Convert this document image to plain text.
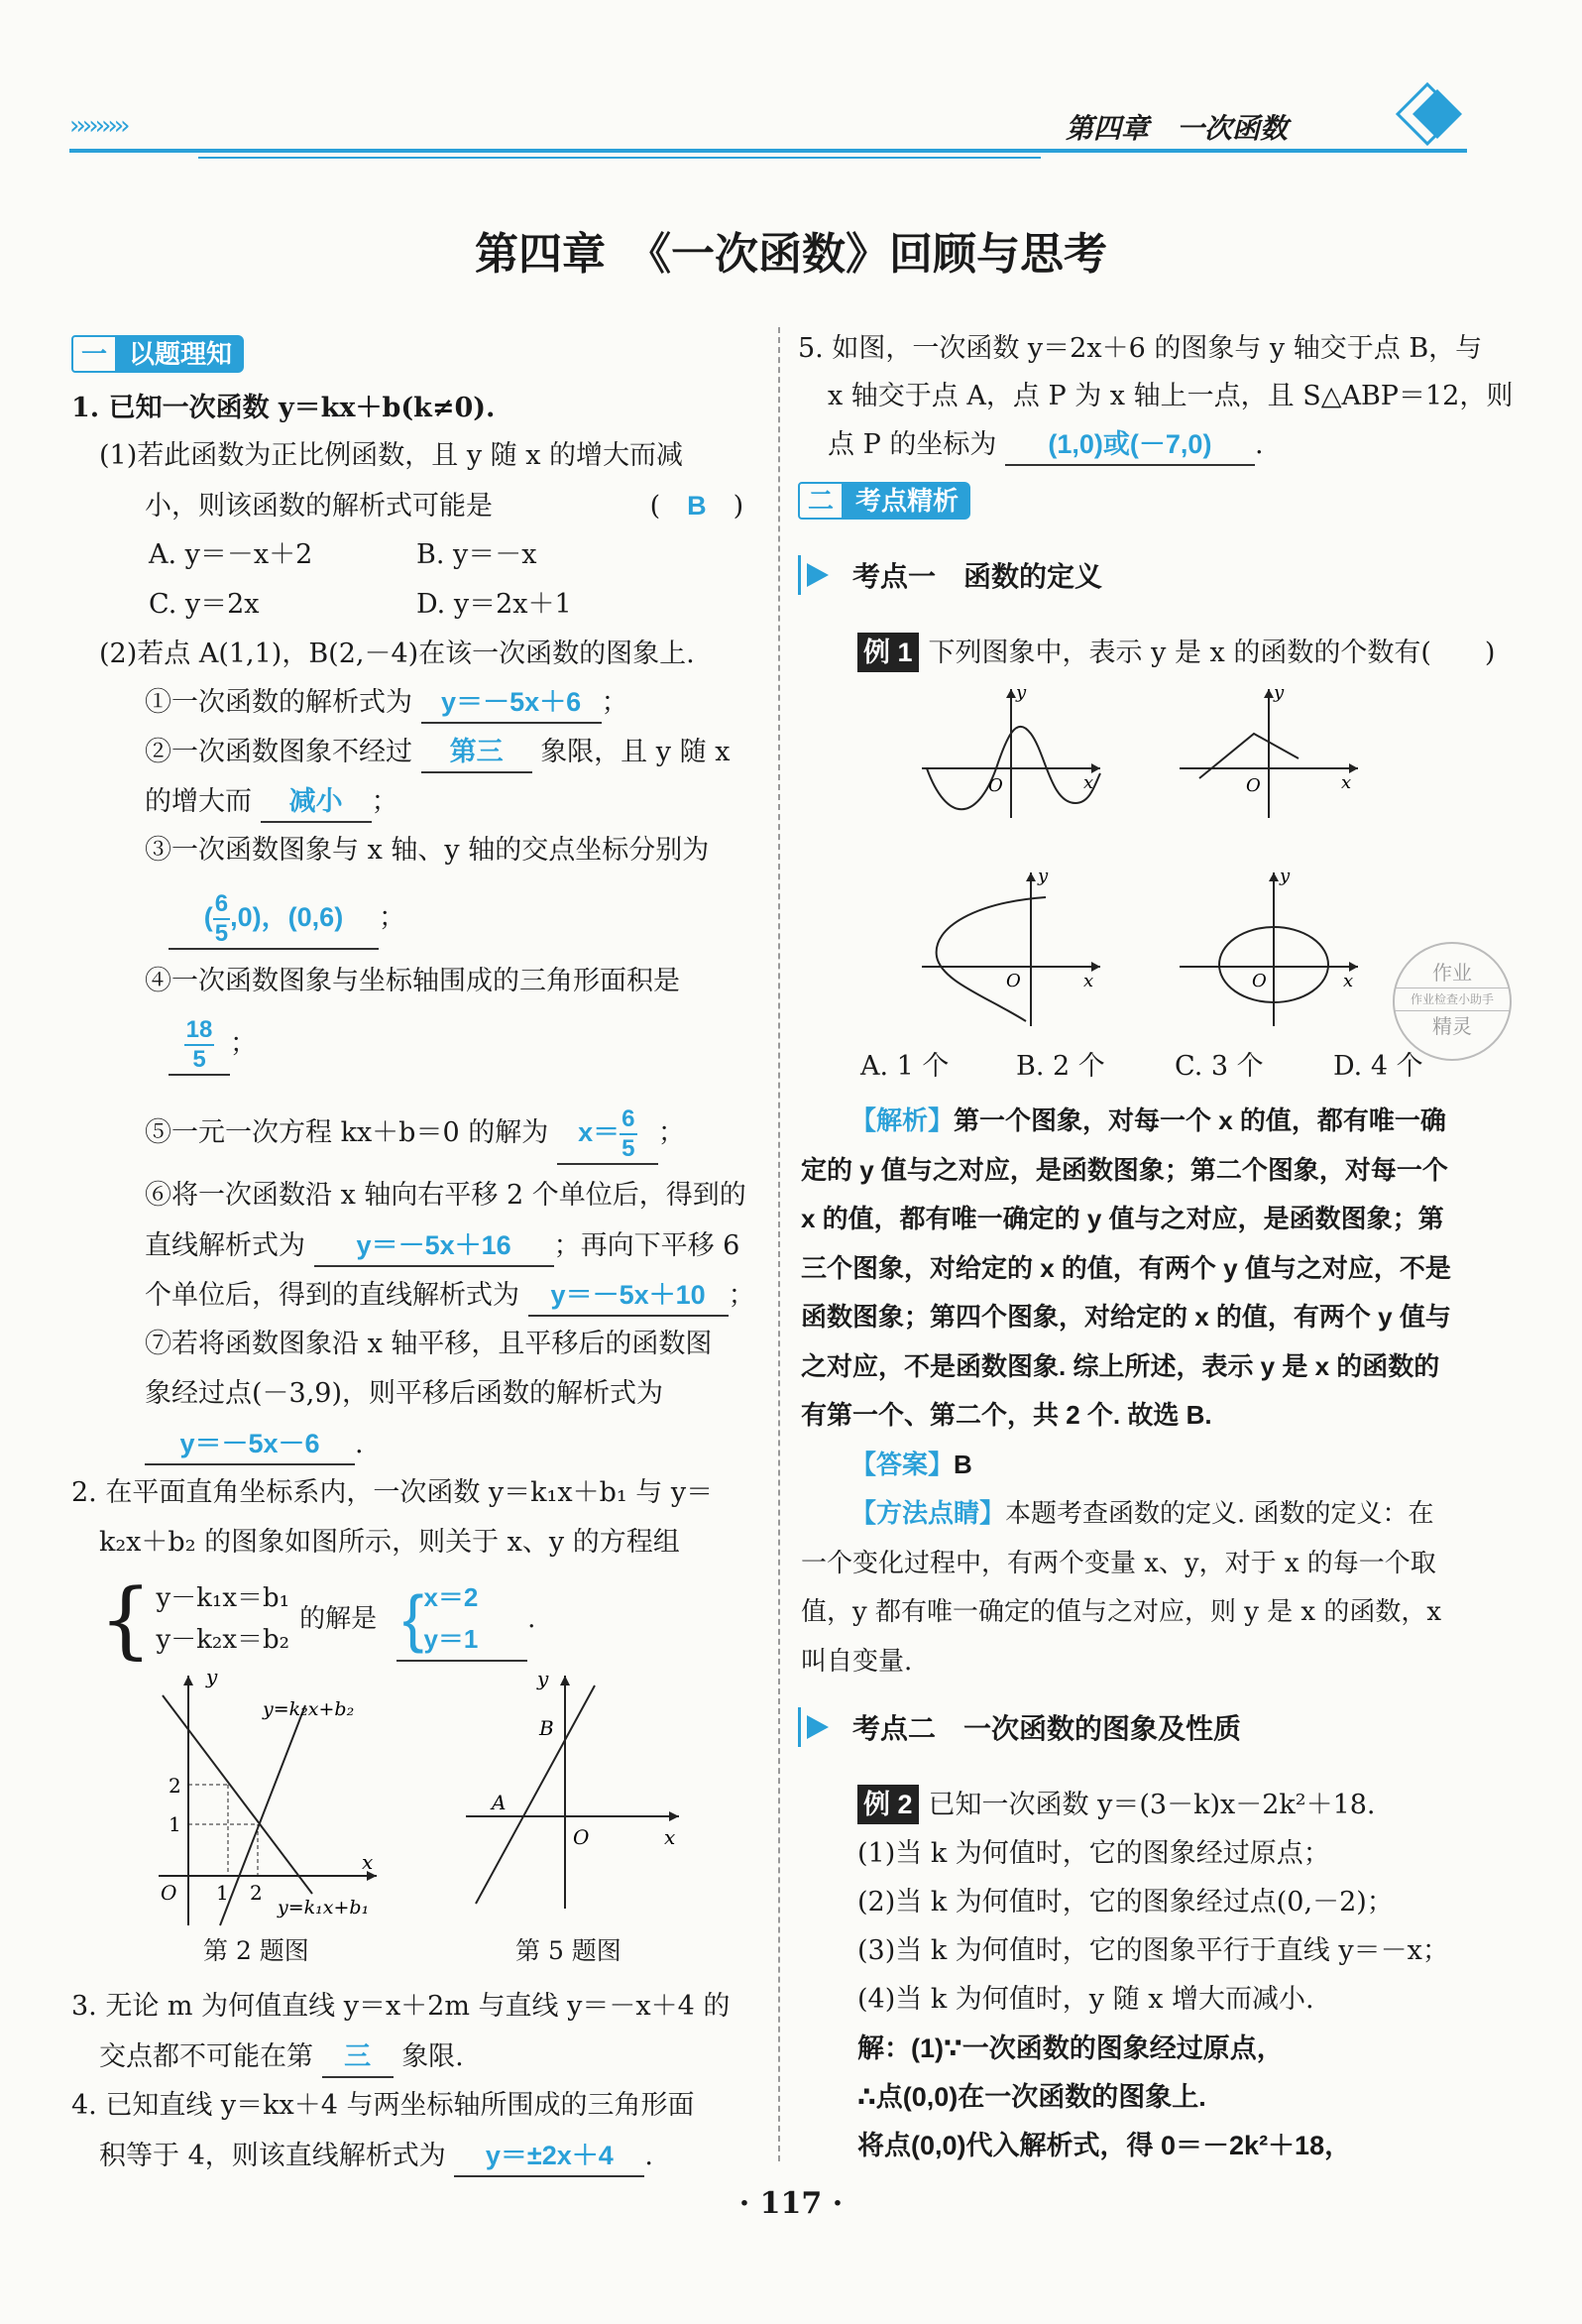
›››››››››	第四章　一次函数
第四章　《一次函数》回顾与思考
一 以题理知
1. 已知一次函数 y＝kx＋b(k≠0).
(1)若此函数为正比例函数，且 y 随 x 的增大而减
小，则该函数的解析式可能是	(　B　)
A. y＝－x＋2	B. y＝－x
C. y＝2x	D. y＝2x＋1
(2)若点 A(1,1)，B(2,－4)在该一次函数的图象上.
①一次函数的解析式为 y＝－5x＋6 ；
②一次函数图象不经过 第三 象限，且 y 随 x
的增大而 减小 ；
③一次函数图象与 x 轴、y 轴的交点坐标分别为
( $\frac{6}{5} ,0$)，(0,6) ；
④一次函数图象与坐标轴围成的三角形面积是
$\frac{18}{5}$ ；
⑤一元一次方程 kx＋b＝0 的解为 $x= \frac{6}{5}$ ；
⑥将一次函数沿 x 轴向右平移 2 个单位后，得到的
直线解析式为 y＝－5x＋16 ；再向下平移 6
个单位后，得到的直线解析式为 y＝－5x＋10 ；
⑦若将函数图象沿 x 轴平移，且平移后的函数图
象经过点(－3,9)，则平移后函数的解析式为
y＝－5x－6 .
2. 在平面直角坐标系内，一次函数 y＝k₁x＋b₁ 与 y＝
k₂x＋b₂ 的图象如图所示，则关于 x、y 的方程组
{ y－k₁x＝b₁
y－k₂x＝b₂
的解是 { x＝2
y＝1
.
y
x
O
2
1
1 2
y=k₂x+b₂
y=k₁x+b₁
第 2 题图
y
x
O
A
B
第 5 题图
3. 无论 m 为何值直线 y＝x＋2m 与直线 y＝－x＋4 的
交点都不可能在第 三 象限.
4. 已知直线 y＝kx＋4 与两坐标轴所围成的三角形面
积等于 4，则该直线解析式为 y＝±2x＋4 .
5. 如图，一次函数 y＝2x＋6 的图象与 y 轴交于点 B，与
x 轴交于点 A，点 P 为 x 轴上一点，且 S△ABP＝12，则
点 P 的坐标为 (1,0)或(－7,0) .
二 考点精析
考点一 函数的定义
例 1 下列图象中，表示 y 是 x 的函数的个数有(　　)
y
x
O
y
x
O
y
x
O
y
x
O	作业
作业检查小助手
精灵
A. 1 个	B. 2 个	C. 3 个	D. 4 个
【解析】第一个图象，对每一个 x 的值，都有唯一确
定的 y 值与之对应，是函数图象；第二个图象，对每一个
x 的值，都有唯一确定的 y 值与之对应，是函数图象；第
三个图象，对给定的 x 的值，有两个 y 值与之对应，不是
函数图象；第四个图象，对给定的 x 的值，有两个 y 值与
之对应，不是函数图象. 综上所述，表示 y 是 x 的函数的
有第一个、第二个，共 2 个. 故选 B.
【答案】B
【方法点睛】本题考查函数的定义. 函数的定义：在
一个变化过程中，有两个变量 x、y，对于 x 的每一个取
值，y 都有唯一确定的值与之对应，则 y 是 x 的函数，x
叫自变量.
考点二 一次函数的图象及性质
例 2 已知一次函数 y＝(3－k)x－2k²＋18.
(1)当 k 为何值时，它的图象经过原点；
(2)当 k 为何值时，它的图象经过点(0,－2)；
(3)当 k 为何值时，它的图象平行于直线 y＝－x；
(4)当 k 为何值时，y 随 x 增大而减小.
解：(1)∵一次函数的图象经过原点，
∴点(0,0)在一次函数的图象上.
将点(0,0)代入解析式，得 0＝－2k²＋18，
· 117 ·
